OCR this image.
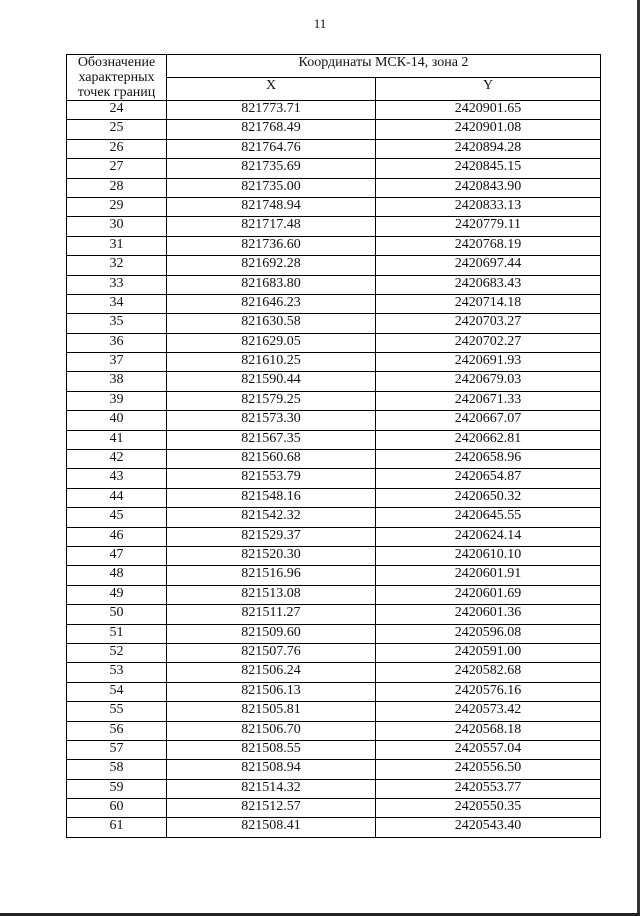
11
Обозначение характерных точек границ	Координаты МСК-14, зона 2	
	X	Y
24	821773.71	2420901.65
25	821768.49	2420901.08
26	821764.76	2420894.28
27	821735.69	2420845.15
28	821735.00	2420843.90
29	821748.94	2420833.13
30	821717.48	2420779.11
31	821736.60	2420768.19
32	821692.28	2420697.44
33	821683.80	2420683.43
34	821646.23	2420714.18
35	821630.58	2420703.27
36	821629.05	2420702.27
37	821610.25	2420691.93
38	821590.44	2420679.03
39	821579.25	2420671.33
40	821573.30	2420667.07
41	821567.35	2420662.81
42	821560.68	2420658.96
43	821553.79	2420654.87
44	821548.16	2420650.32
45	821542.32	2420645.55
46	821529.37	2420624.14
47	821520.30	2420610.10
48	821516.96	2420601.91
49	821513.08	2420601.69
50	821511.27	2420601.36
51	821509.60	2420596.08
52	821507.76	2420591.00
53	821506.24	2420582.68
54	821506.13	2420576.16
55	821505.81	2420573.42
56	821506.70	2420568.18
57	821508.55	2420557.04
58	821508.94	2420556.50
59	821514.32	2420553.77
60	821512.57	2420550.35
61	821508.41	2420543.40
